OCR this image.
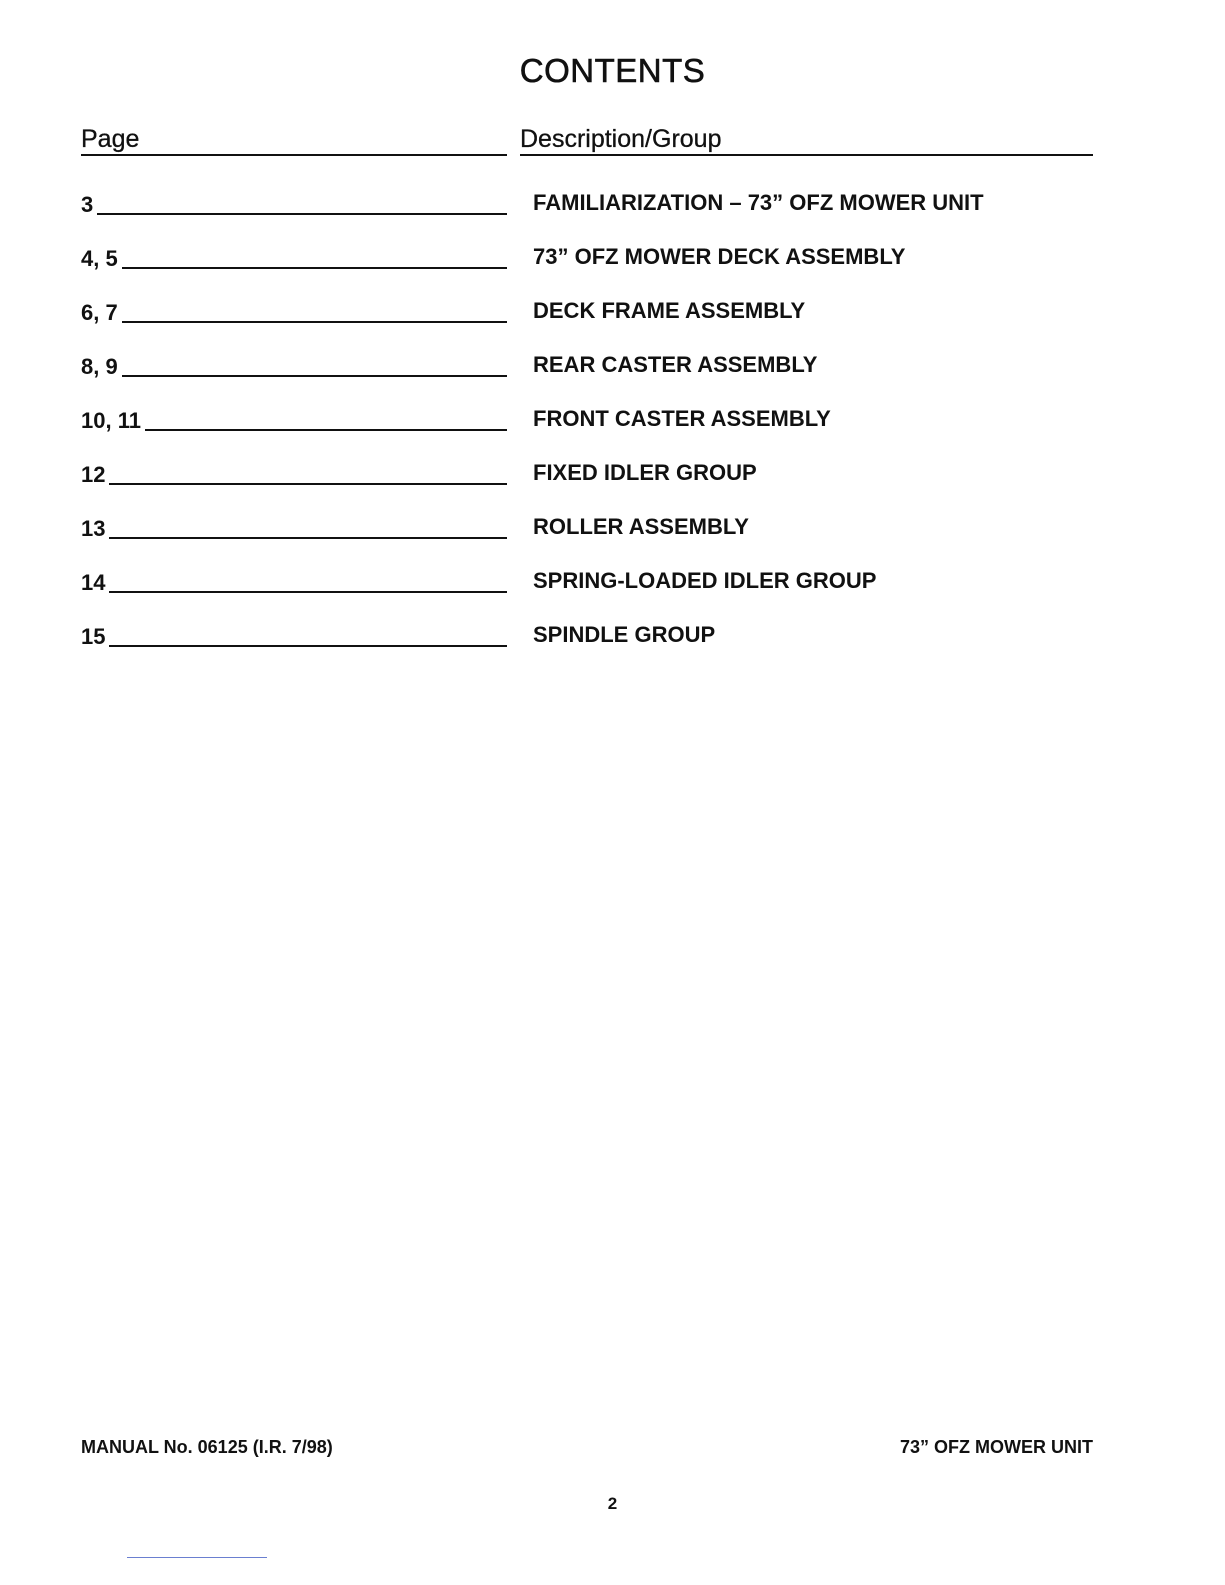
CONTENTS
Page	Description/Group
3	FAMILIARIZATION – 73” OFZ MOWER UNIT
4, 5	73” OFZ MOWER DECK ASSEMBLY
6, 7	DECK FRAME ASSEMBLY
8, 9	REAR CASTER ASSEMBLY
10, 11	FRONT CASTER ASSEMBLY
12	FIXED IDLER GROUP
13	ROLLER ASSEMBLY
14	SPRING-LOADED IDLER GROUP
15	SPINDLE GROUP
MANUAL No. 06125 (I.R. 7/98)	73” OFZ MOWER UNIT
2
